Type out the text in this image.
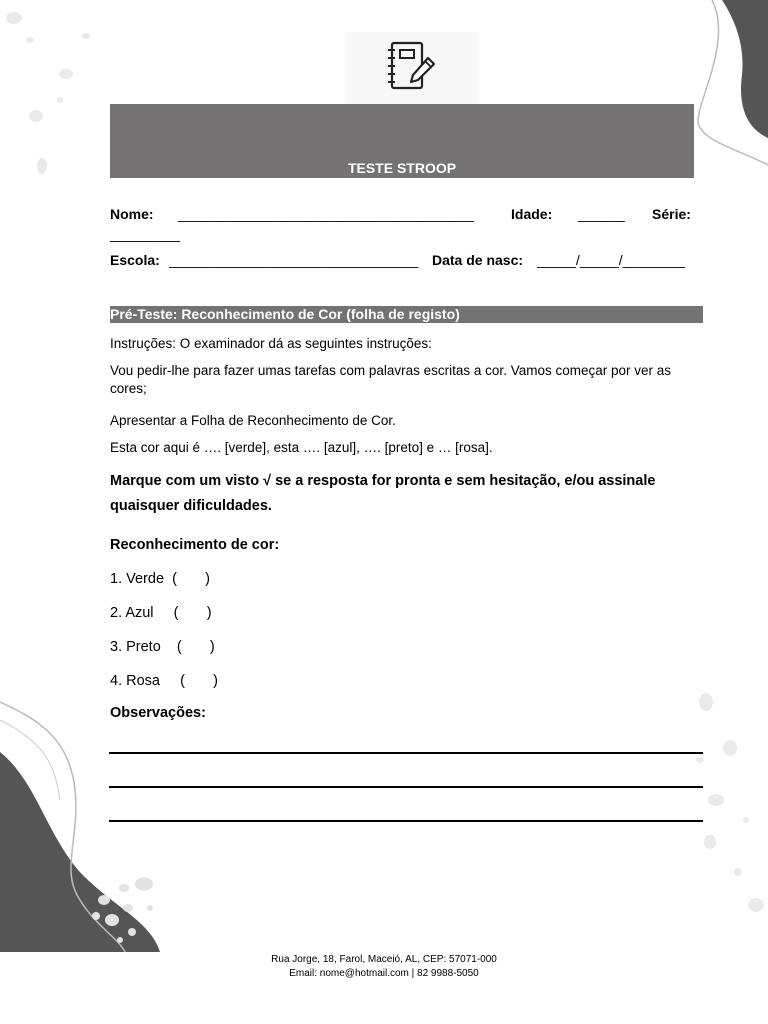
TESTE STROOP
Nome: ______________________________________	Idade: ______ Série:
_________
Escola: ________________________________ Data de nasc: _____/_____/________
Pré-Teste: Reconhecimento de Cor (folha de registo)
Instruções: O examinador dá as seguintes instruções:
Vou pedir-lhe para fazer umas tarefas com palavras escritas a cor. Vamos começar por ver as cores;
Apresentar a Folha de Reconhecimento de Cor.
Esta cor aqui é …. [verde], esta …. [azul], …. [preto] e … [rosa].
Marque com um visto √ se a resposta for pronta e sem hesitação, e/ou assinale quaisquer dificuldades.
Reconhecimento de cor:
1. Verde  (       )
2. Azul     (       )
3. Preto    (       )
4. Rosa     (       )
Observações:
Rua Jorge, 18, Farol, Maceió, AL, CEP: 57071-000
Email: nome@hotmail.com | 82 9988-5050
